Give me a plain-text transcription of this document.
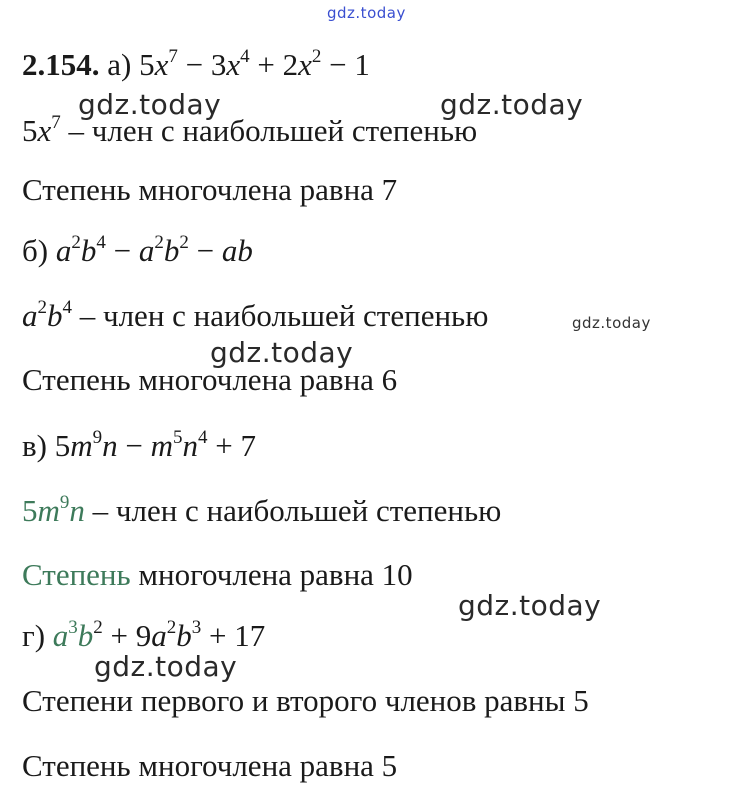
gdz.today
2.154. а) $5x^7 - 3x^4 + 2x^2 - 1$
gdz.today	gdz.today
$5x^7$ – член с наибольшей степенью
Степень многочлена равна 7
б) $a^2b^4 - a^2b^2$ − ab
$a^2b^4$ – член с наибольшей степенью	gdz.today
gdz.today
Степень многочлена равна 6
в) $5m^9n - m^5n^4 + 7$
$5m^9n$ – член с наибольшей степенью
Степень многочлена равна 10
gdz.today
г) $a^3b^2 + 9a^2b^3 + 17$
gdz.today
Степени первого и второго членов равны 5
Степень многочлена равна 5
